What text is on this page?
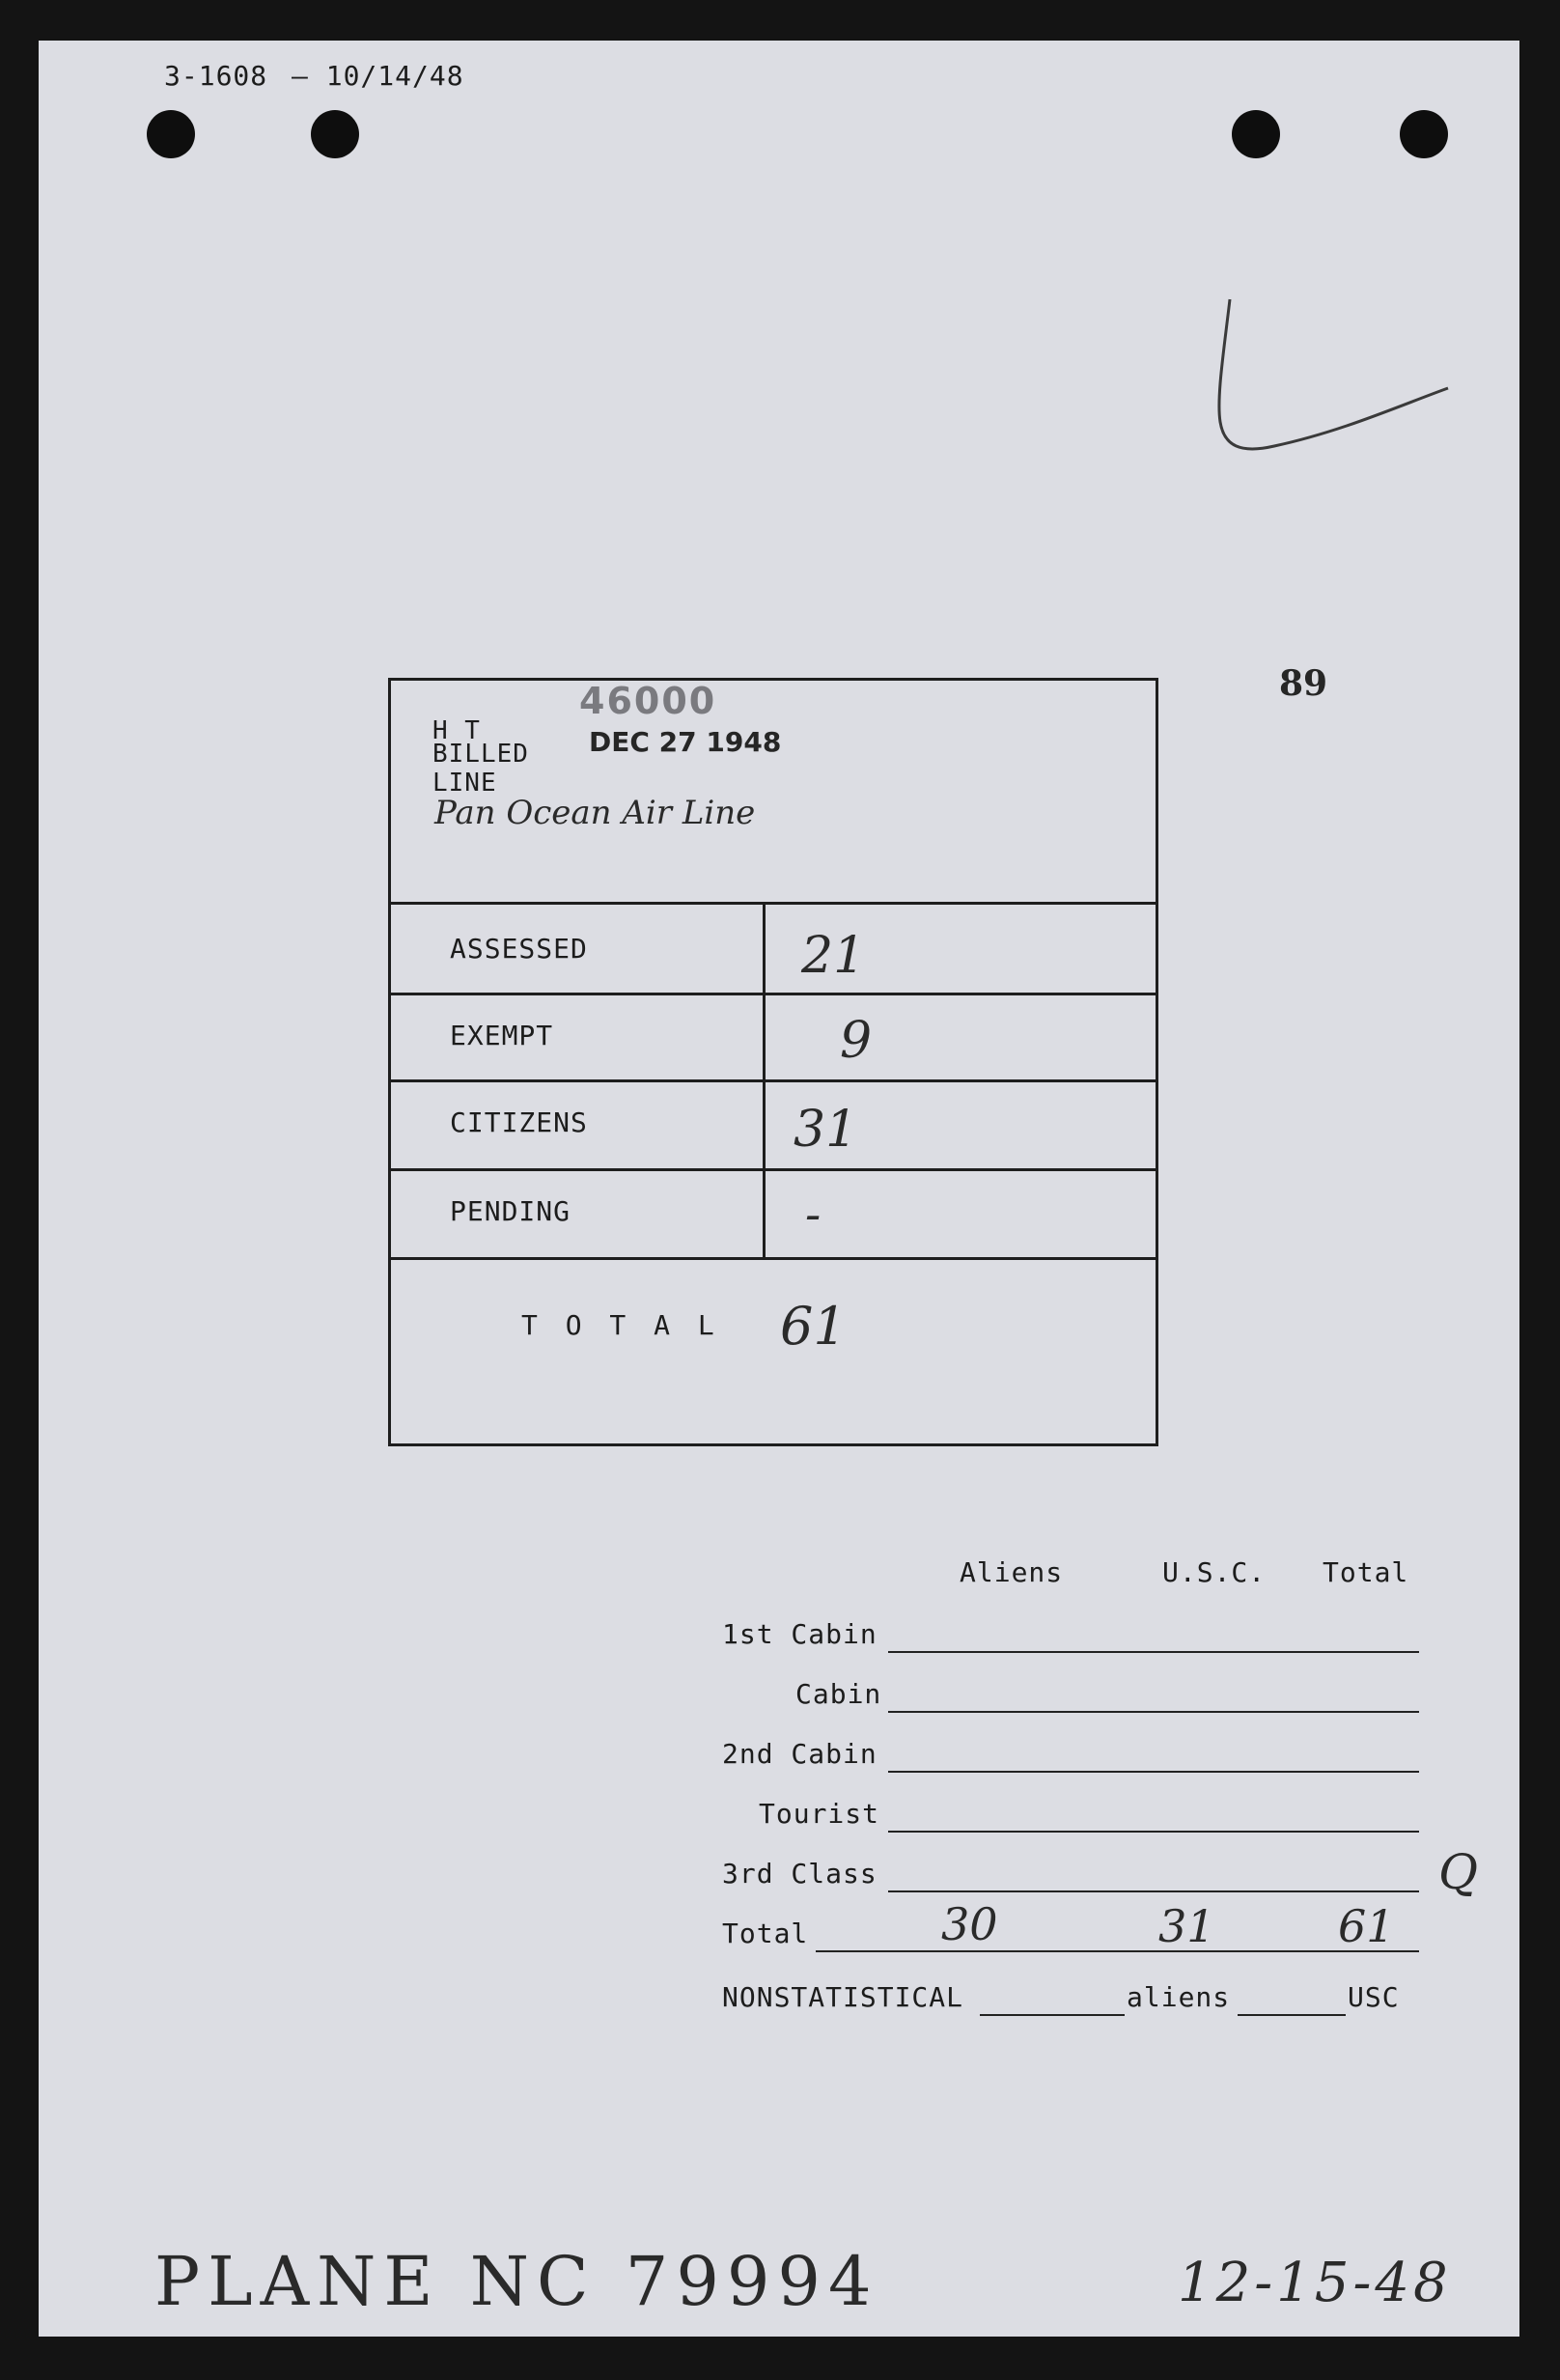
3-1608 — 10/14/48
89
H T
BILLED
LINE
46000
DEC 27 1948
Pan Ocean Air Line
ASSESSED	21
EXEMPT	9
CITIZENS	31
PENDING	-
T O T A L 61
Aliens	U.S.C. Total
1st Cabin
Cabin
2nd Cabin
Tourist
3rd Class	Q
Total	30	31	61
NONSTATISTICAL	aliens	USC
PLANE NC 79994	12-15-48
